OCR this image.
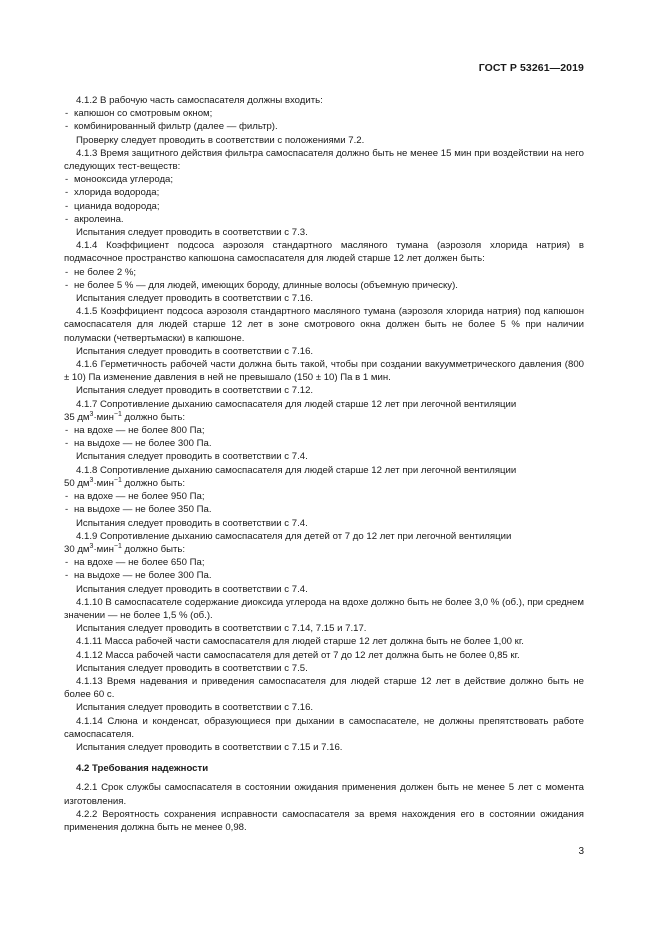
ГОСТ Р 53261—2019

4.1.2 В рабочую часть самоспасателя должны входить:

- капюшон со смотровым окном;

- комбинированный фильтр (далее — фильтр).

Проверку следует проводить в соответствии с положениями 7.2.

4.1.3 Время защитного действия фильтра самоспасателя должно быть не менее 15 мин при воздействии на него следующих тест-веществ:

- монооксида углерода;

- хлорида водорода;

- цианида водорода;

- акролеина.

Испытания следует проводить в соответствии с 7.3.

4.1.4 Коэффициент подсоса аэрозоля стандартного масляного тумана (аэрозоля хлорида натрия) в подмасочное пространство капюшона самоспасателя для людей старше 12 лет должен быть:

- не более 2 %;

- не более 5 % — для людей, имеющих бороду, длинные волосы (объемную прическу).

Испытания следует проводить в соответствии с 7.16.

4.1.5 Коэффициент подсоса аэрозоля стандартного масляного тумана (аэрозоля хлорида натрия) под капюшон самоспасателя для людей старше 12 лет в зоне смотрового окна должен быть не более 5 % при наличии полумаски (четвертьмаски) в капюшоне.

Испытания следует проводить в соответствии с 7.16.

4.1.6 Герметичность рабочей части должна быть такой, чтобы при создании вакуумметрического давления (800 ± 10) Па изменение давления в ней не превышало (150 ± 10) Па в 1 мин.

Испытания следует проводить в соответствии с 7.12.

4.1.7 Сопротивление дыханию самоспасателя для людей старше 12 лет при легочной вентиляции

35 $дм^3\cdot мин^{-1}$ должно быть:

- на вдохе — не более 800 Па;

- на выдохе — не более 300 Па.

Испытания следует проводить в соответствии с 7.4.

4.1.8 Сопротивление дыханию самоспасателя для людей старше 12 лет при легочной вентиляции

50 $дм^3\cdot мин^{-1}$ должно быть:

- на вдохе — не более 950 Па;

- на выдохе — не более 350 Па.

Испытания следует проводить в соответствии с 7.4.

4.1.9 Сопротивление дыханию самоспасателя для детей от 7 до 12 лет при легочной вентиляции

30 $дм^3\cdot мин^{-1}$ должно быть:

- на вдохе — не более 650 Па;

- на выдохе — не более 300 Па.

Испытания следует проводить в соответствии с 7.4.

4.1.10 В самоспасателе содержание диоксида углерода на вдохе должно быть не более 3,0 % (об.), при среднем значении — не более 1,5 % (об.).

Испытания следует проводить в соответствии с 7.14, 7.15 и 7.17.

4.1.11 Масса рабочей части самоспасателя для людей старше 12 лет должна быть не более 1,00 кг.

4.1.12 Масса рабочей части самоспасателя для детей от 7 до 12 лет должна быть не более 0,85 кг.

Испытания следует проводить в соответствии с 7.5.

4.1.13 Время надевания и приведения самоспасателя для людей старше 12 лет в действие должно быть не более 60 с.

Испытания следует проводить в соответствии с 7.16.

4.1.14 Слюна и конденсат, образующиеся при дыхании в самоспасателе, не должны препятствовать работе самоспасателя.

Испытания следует проводить в соответствии с 7.15 и 7.16.

4.2 Требования надежности

4.2.1 Срок службы самоспасателя в состоянии ожидания применения должен быть не менее 5 лет с момента изготовления.

4.2.2 Вероятность сохранения исправности самоспасателя за время нахождения его в состоянии ожидания применения должна быть не менее 0,98.

3
